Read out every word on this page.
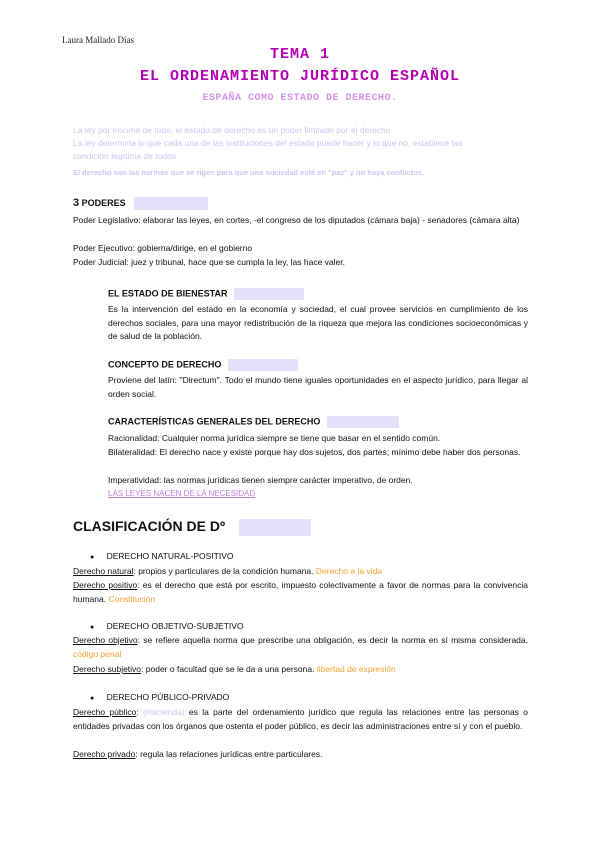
Laura Mallado Días
TEMA 1
EL ORDENAMIENTO JURÍDICO ESPAÑOL
ESPAÑA COMO ESTADO DE DERECHO.
La ley por encima de todo, el estado de derecho es un poder limitado por el derecho
La ley determina lo que cada una de las instituciones del estado puede hacer y lo que no, establece las
condición legítima de todos
El derecho son las normas que se rigen para que una sociedad esté en "paz" y no haya conflictos.
3 PODERES
Poder Legislativo: elaborar las leyes, en cortes, -el congreso de los diputados (cámara baja) - senadores (cámara alta)
Poder Ejecutivo: gobierna/dirige, en el gobierno
Poder Judicial: juez y tribunal, hace que se cumpla la ley, las hace valer.
EL ESTADO DE BIENESTAR
Es la intervención del estado en la economía y sociedad, el cual provee servicios en cumplimiento de los derechos sociales, para una mayor redistribución de la riqueza que mejora las condiciones socioeconómicas y de salud de la población.
CONCEPTO DE DERECHO
Proviene del latín: "Directum". Todo el mundo tiene iguales oportunidades en el aspecto jurídico, para llegar al orden social.
CARACTERÍSTICAS GENERALES DEL DERECHO
Racionalidad: Cualquier norma jurídica siempre se tiene que basar en el sentido común.
Bilateralidad: El derecho nace y existe porque hay dos sujetos, dos partes; mínimo debe haber dos personas.
Imperatividad: las normas jurídicas tienen siempre carácter imperativo, de orden.
LAS LEYES NACEN DE LA NECESIDAD
CLASIFICACIÓN DE Dº
● DERECHO NATURAL-POSITIVO
Derecho natural: propios y particulares de la condición humana. Derecho a la vida
Derecho positivo: es el derecho que está por escrito, impuesto colectivamente a favor de normas para la convivencia humana. Constitución
● DERECHO OBJETIVO-SUBJETIVO
Derecho objetivo: se refiere aquella norma que prescribe una obligación, es decir la norma en sí misma considerada. código penal
Derecho subjetivo: poder o facultad que se le da a una persona. libertad de expresión
● DERECHO PÚBLICO-PRIVADO
Derecho público: (Hacienda) es la parte del ordenamiento jurídico que regula las relaciones entre las personas o entidades privadas con los órganos que ostenta el poder público, es decir las administraciones entre sí y con el pueblo.
Derecho privado: regula las relaciones jurídicas entre particulares.
